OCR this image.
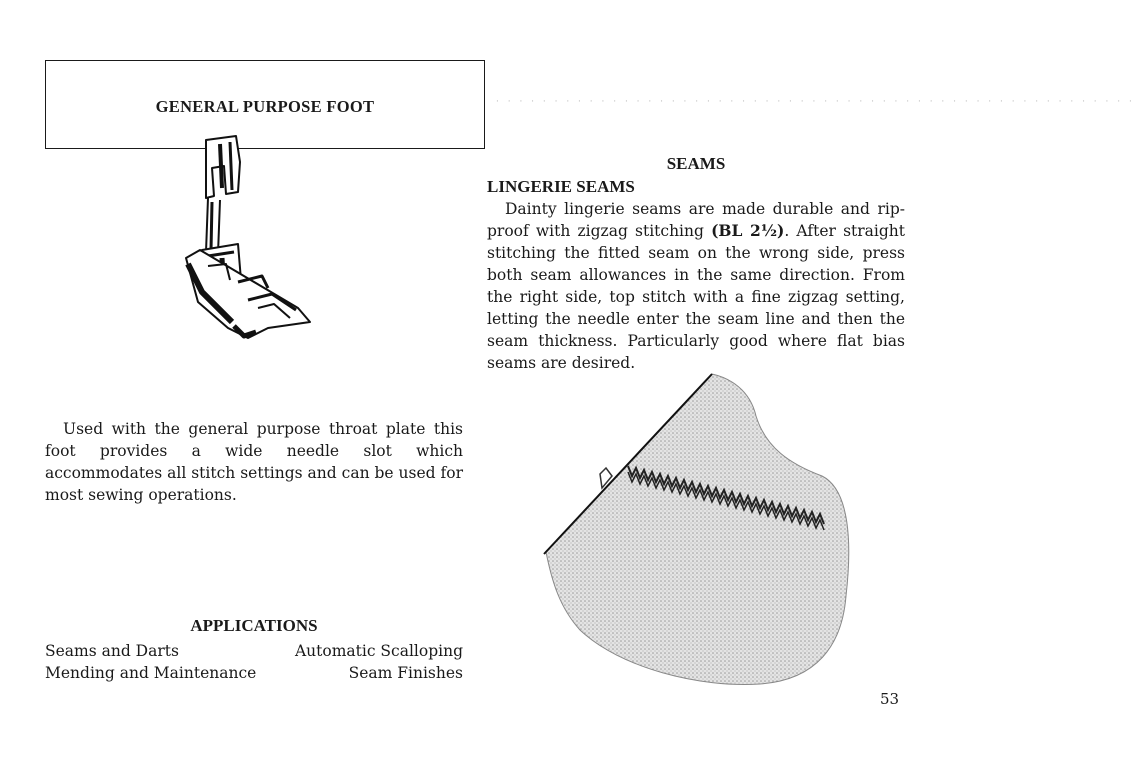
GENERAL PURPOSE FOOT	· · · · · · · · · · · · · · · · · · · · · · · · · · · · · · · · · · · · · · · · · · · · · · · · · · · · · · ·
Used with the general purpose throat plate this foot provides a wide needle slot which accommodates all stitch settings and can be used for most sewing operations.
APPLICATIONS
Seams and Darts	Automatic Scalloping
Mending and Maintenance	Seam Finishes
SEAMS
LINGERIE SEAMS
Dainty lingerie seams are made durable and rip-proof with zigzag stitching (BL 2½). After straight stitching the fitted seam on the wrong side, press both seam allowances in the same direction. From the right side, top stitch with a fine zigzag setting, letting the needle enter the seam line and then the seam thickness. Particularly good where flat bias seams are desired.
53
